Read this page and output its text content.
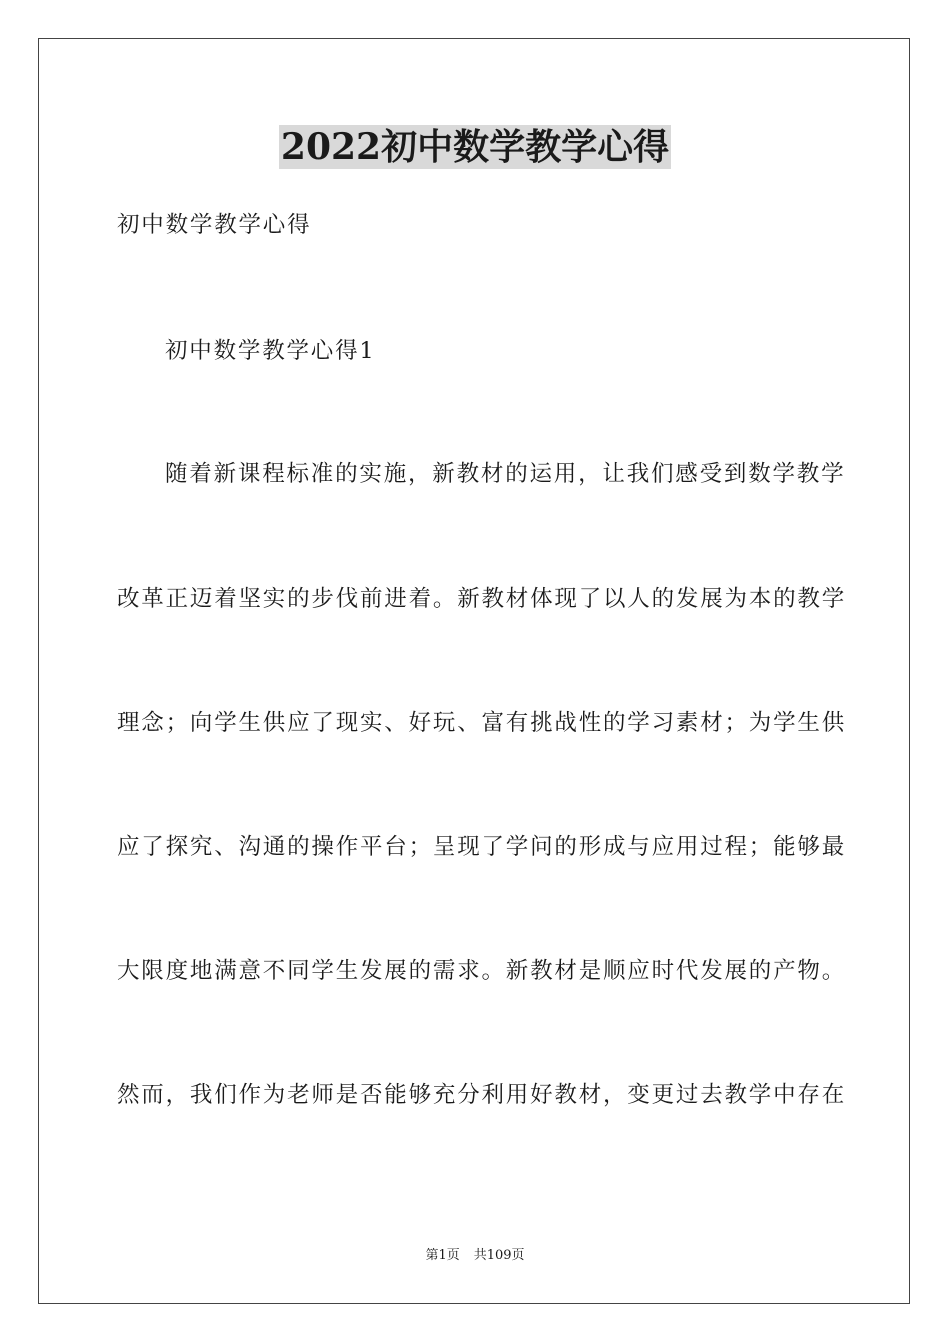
2022初中数学教学心得

初中数学教学心得

初中数学教学心得1

随着新课程标准的实施，新教材的运用，让我们感受到数学教学

改革正迈着坚实的步伐前进着。新教材体现了以人的发展为本的教学

理念；向学生供应了现实、好玩、富有挑战性的学习素材；为学生供

应了探究、沟通的操作平台；呈现了学问的形成与应用过程；能够最

大限度地满意不同学生发展的需求。新教材是顺应时代发展的产物。

然而，我们作为老师是否能够充分利用好教材，变更过去教学中存在

第1页 共109页
